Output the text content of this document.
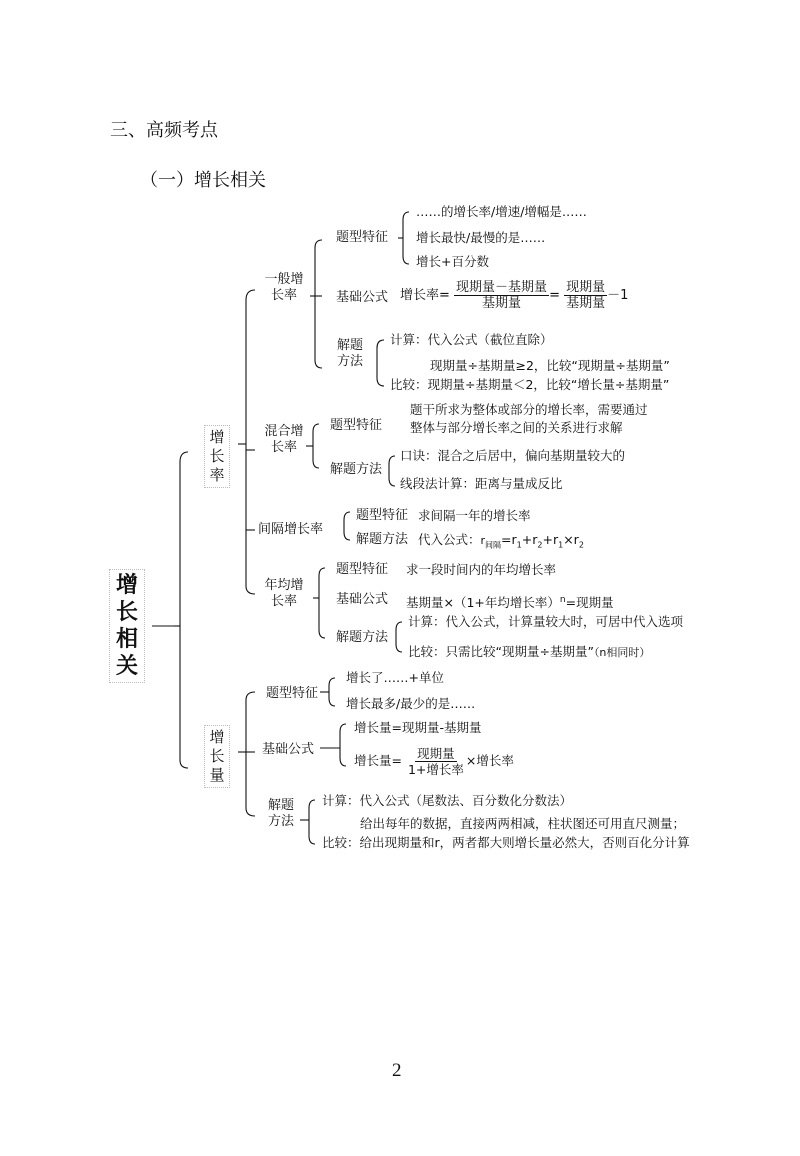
三、高频考点
（一）增长相关
增长相关
增长率
一般增长率
题型特征
……的增长率/增速/增幅是……
增长最快/最慢的是……
增长+百分数
基础公式 增长率= $\frac{\text{现期量－基期量}}{\text{基期量}} = \frac{\text{现期量}}{\text{基期量}} -1$
解题方法
计算：代入公式（截位直除）
现期量÷基期量≥2，比较“现期量÷基期量”
比较：现期量÷基期量＜2，比较“增长量÷基期量”
混合增长率
题型特征
题干所求为整体或部分的增长率，需要通过
整体与部分增长率之间的关系进行求解
解题方法
口诀：混合之后居中，偏向基期量较大的
线段法计算：距离与量成反比
间隔增长率
题型特征 求间隔一年的增长率
解题方法 代入公式：$r_{间隔}=r_1+r_2+r_1\times r_2$
年均增长率
题型特征 求一段时间内的年均增长率
基础公式 基期量×（1+年均增长率）$^n$=现期量
解题方法
计算：代入公式，计算量较大时，可居中代入选项
比较：只需比较“现期量÷基期量”（n相同时）
增长量
题型特征
增长了……+单位
增长最多/最少的是……
基础公式
增长量=现期量-基期量
增长量= $\frac{\text{现期量}}{\text{1+增长率}}$ ×增长率
解题方法
计算：代入公式（尾数法、百分数化分数法）
给出每年的数据，直接两两相减，柱状图还可用直尺测量；
比较：给出现期量和r，两者都大则增长量必然大，否则百化分计算
2
